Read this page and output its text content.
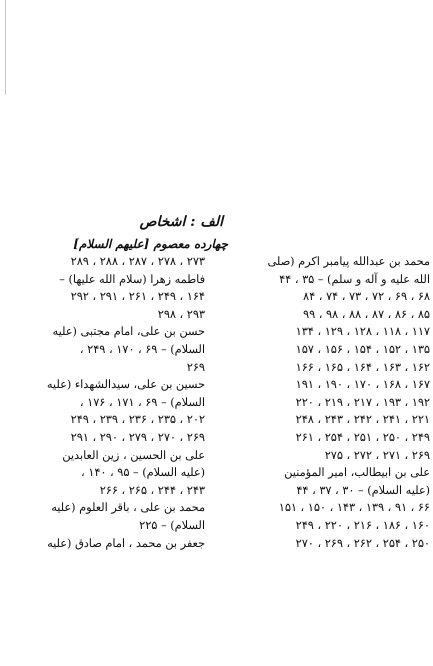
الف : اشخاص
چهارده معصوم [علیهم السلام]
محمد بن عبدالله پیامبر اکرم (صلی
الله علیه و آله و سلم) – ۳۵ ، ۴۴
۶۸ ، ۶۹ ، ۷۲ ، ۷۳ ، ۷۴ ، ۸۴
۸۵ ، ۸۶ ، ۸۷ ، ۸۸ ، ۹۸ ، ۹۹
۱۱۷ ، ۱۱۸ ، ۱۲۸ ، ۱۲۹ ، ۱۳۴
۱۳۵ ، ۱۵۲ ، ۱۵۴ ، ۱۵۶ ، ۱۵۷
۱۶۲ ، ۱۶۳ ، ۱۶۴ ، ۱۶۵ ، ۱۶۶
۱۶۷ ، ۱۶۸ ، ۱۷۰ ، ۱۹۰ ، ۱۹۱
۱۹۲ ، ۱۹۳ ، ۲۱۷ ، ۲۱۹ ، ۲۲۰
۲۲۱ ، ۲۴۱ ، ۲۴۲ ، ۲۴۳ ، ۲۴۸
۲۴۹ ، ۲۵۰ ، ۲۵۱ ، ۲۵۴ ، ۲۶۱
۲۶۹ ، ۲۷۱ ، ۲۷۲ ، ۲۷۵
علی بن ابیطالب، امیر المؤمنین
(علیه السلام) – ۳۰ ، ۳۷ ، ۴۴
۶۶ ، ۹۱ ، ۱۳۹ ، ۱۴۳ ، ۱۵۰ ، ۱۵۱
۱۶۰ ، ۱۸۶ ، ۲۱۶ ، ۲۲۰ ، ۲۴۹
۲۵۰ ، ۲۵۴ ، ۲۶۲ ، ۲۶۹ ، ۲۷۰
۲۷۳ ، ۲۷۸ ، ۲۸۷ ، ۲۸۸ ، ۲۸۹
فاطمه زهرا (سلام الله علیها) –
۱۶۴ ، ۲۴۹ ، ۲۶۱ ، ۲۹۱ ، ۲۹۲
۲۹۳ ، ۲۹۸
حسن بن علی، امام مجتبی (علیه
السلام) – ۶۹ ، ۱۷۰ ، ۲۴۹ ،
۲۶۹
حسین بن علی، سیدالشهداء (علیه
السلام) – ۶۹ ، ۱۷۱ ، ۱۷۶ ،
۲۰۲ ، ۲۳۵ ، ۲۳۶ ، ۲۳۹ ، ۲۴۹
۲۶۹ ، ۲۷۰ ، ۲۷۹ ، ۲۹۰ ، ۲۹۱
علی بن الحسین ، زین العابدین
(علیه السلام) – ۹۵ ، ۱۴۰ ،
۲۴۳ ، ۲۴۴ ، ۲۶۵ ، ۲۶۶
محمد بن علی ، باقر العلوم (علیه
السلام) – ۲۲۵
جعفر بن محمد ، امام صادق (علیه
